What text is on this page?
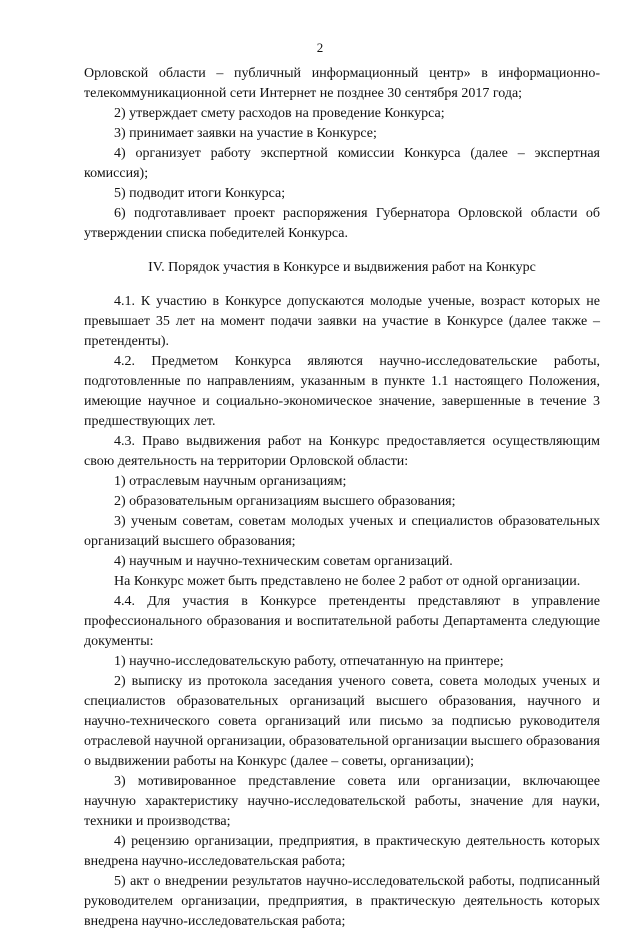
2

Орловской области – публичный информационный центр» в информационно-телекоммуникационной сети Интернет не позднее 30 сентября 2017 года;

2) утверждает смету расходов на проведение Конкурса;

3) принимает заявки на участие в Конкурсе;

4) организует работу экспертной комиссии Конкурса (далее – экспертная комиссия);

5) подводит итоги Конкурса;

6) подготавливает проект распоряжения Губернатора Орловской области об утверждении списка победителей Конкурса.

IV. Порядок участия в Конкурсе и выдвижения работ на Конкурс

4.1. К участию в Конкурсе допускаются молодые ученые, возраст которых не превышает 35 лет на момент подачи заявки на участие в Конкурсе (далее также – претенденты).

4.2. Предметом Конкурса являются научно-исследовательские работы, подготовленные по направлениям, указанным в пункте 1.1 настоящего Положения, имеющие научное и социально-экономическое значение, завершенные в течение 3 предшествующих лет.

4.3. Право выдвижения работ на Конкурс предоставляется осуществляющим свою деятельность на территории Орловской области:

1) отраслевым научным организациям;

2) образовательным организациям высшего образования;

3) ученым советам, советам молодых ученых и специалистов образовательных организаций высшего образования;

4) научным и научно-техническим советам организаций.

На Конкурс может быть представлено не более 2 работ от одной организации.

4.4. Для участия в Конкурсе претенденты представляют в управление профессионального образования и воспитательной работы Департамента следующие документы:

1) научно-исследовательскую работу, отпечатанную на принтере;

2) выписку из протокола заседания ученого совета, совета молодых ученых и специалистов образовательных организаций высшего образования, научного и научно-технического совета организаций или письмо за подписью руководителя отраслевой научной организации, образовательной организации высшего образования о выдвижении работы на Конкурс (далее – советы, организации);

3) мотивированное представление совета или организации, включающее научную характеристику научно-исследовательской работы, значение для науки, техники и производства;

4) рецензию организации, предприятия, в практическую деятельность которых внедрена научно-исследовательская работа;

5) акт о внедрении результатов научно-исследовательской работы, подписанный руководителем организации, предприятия, в практическую деятельность которых внедрена научно-исследовательская работа;
